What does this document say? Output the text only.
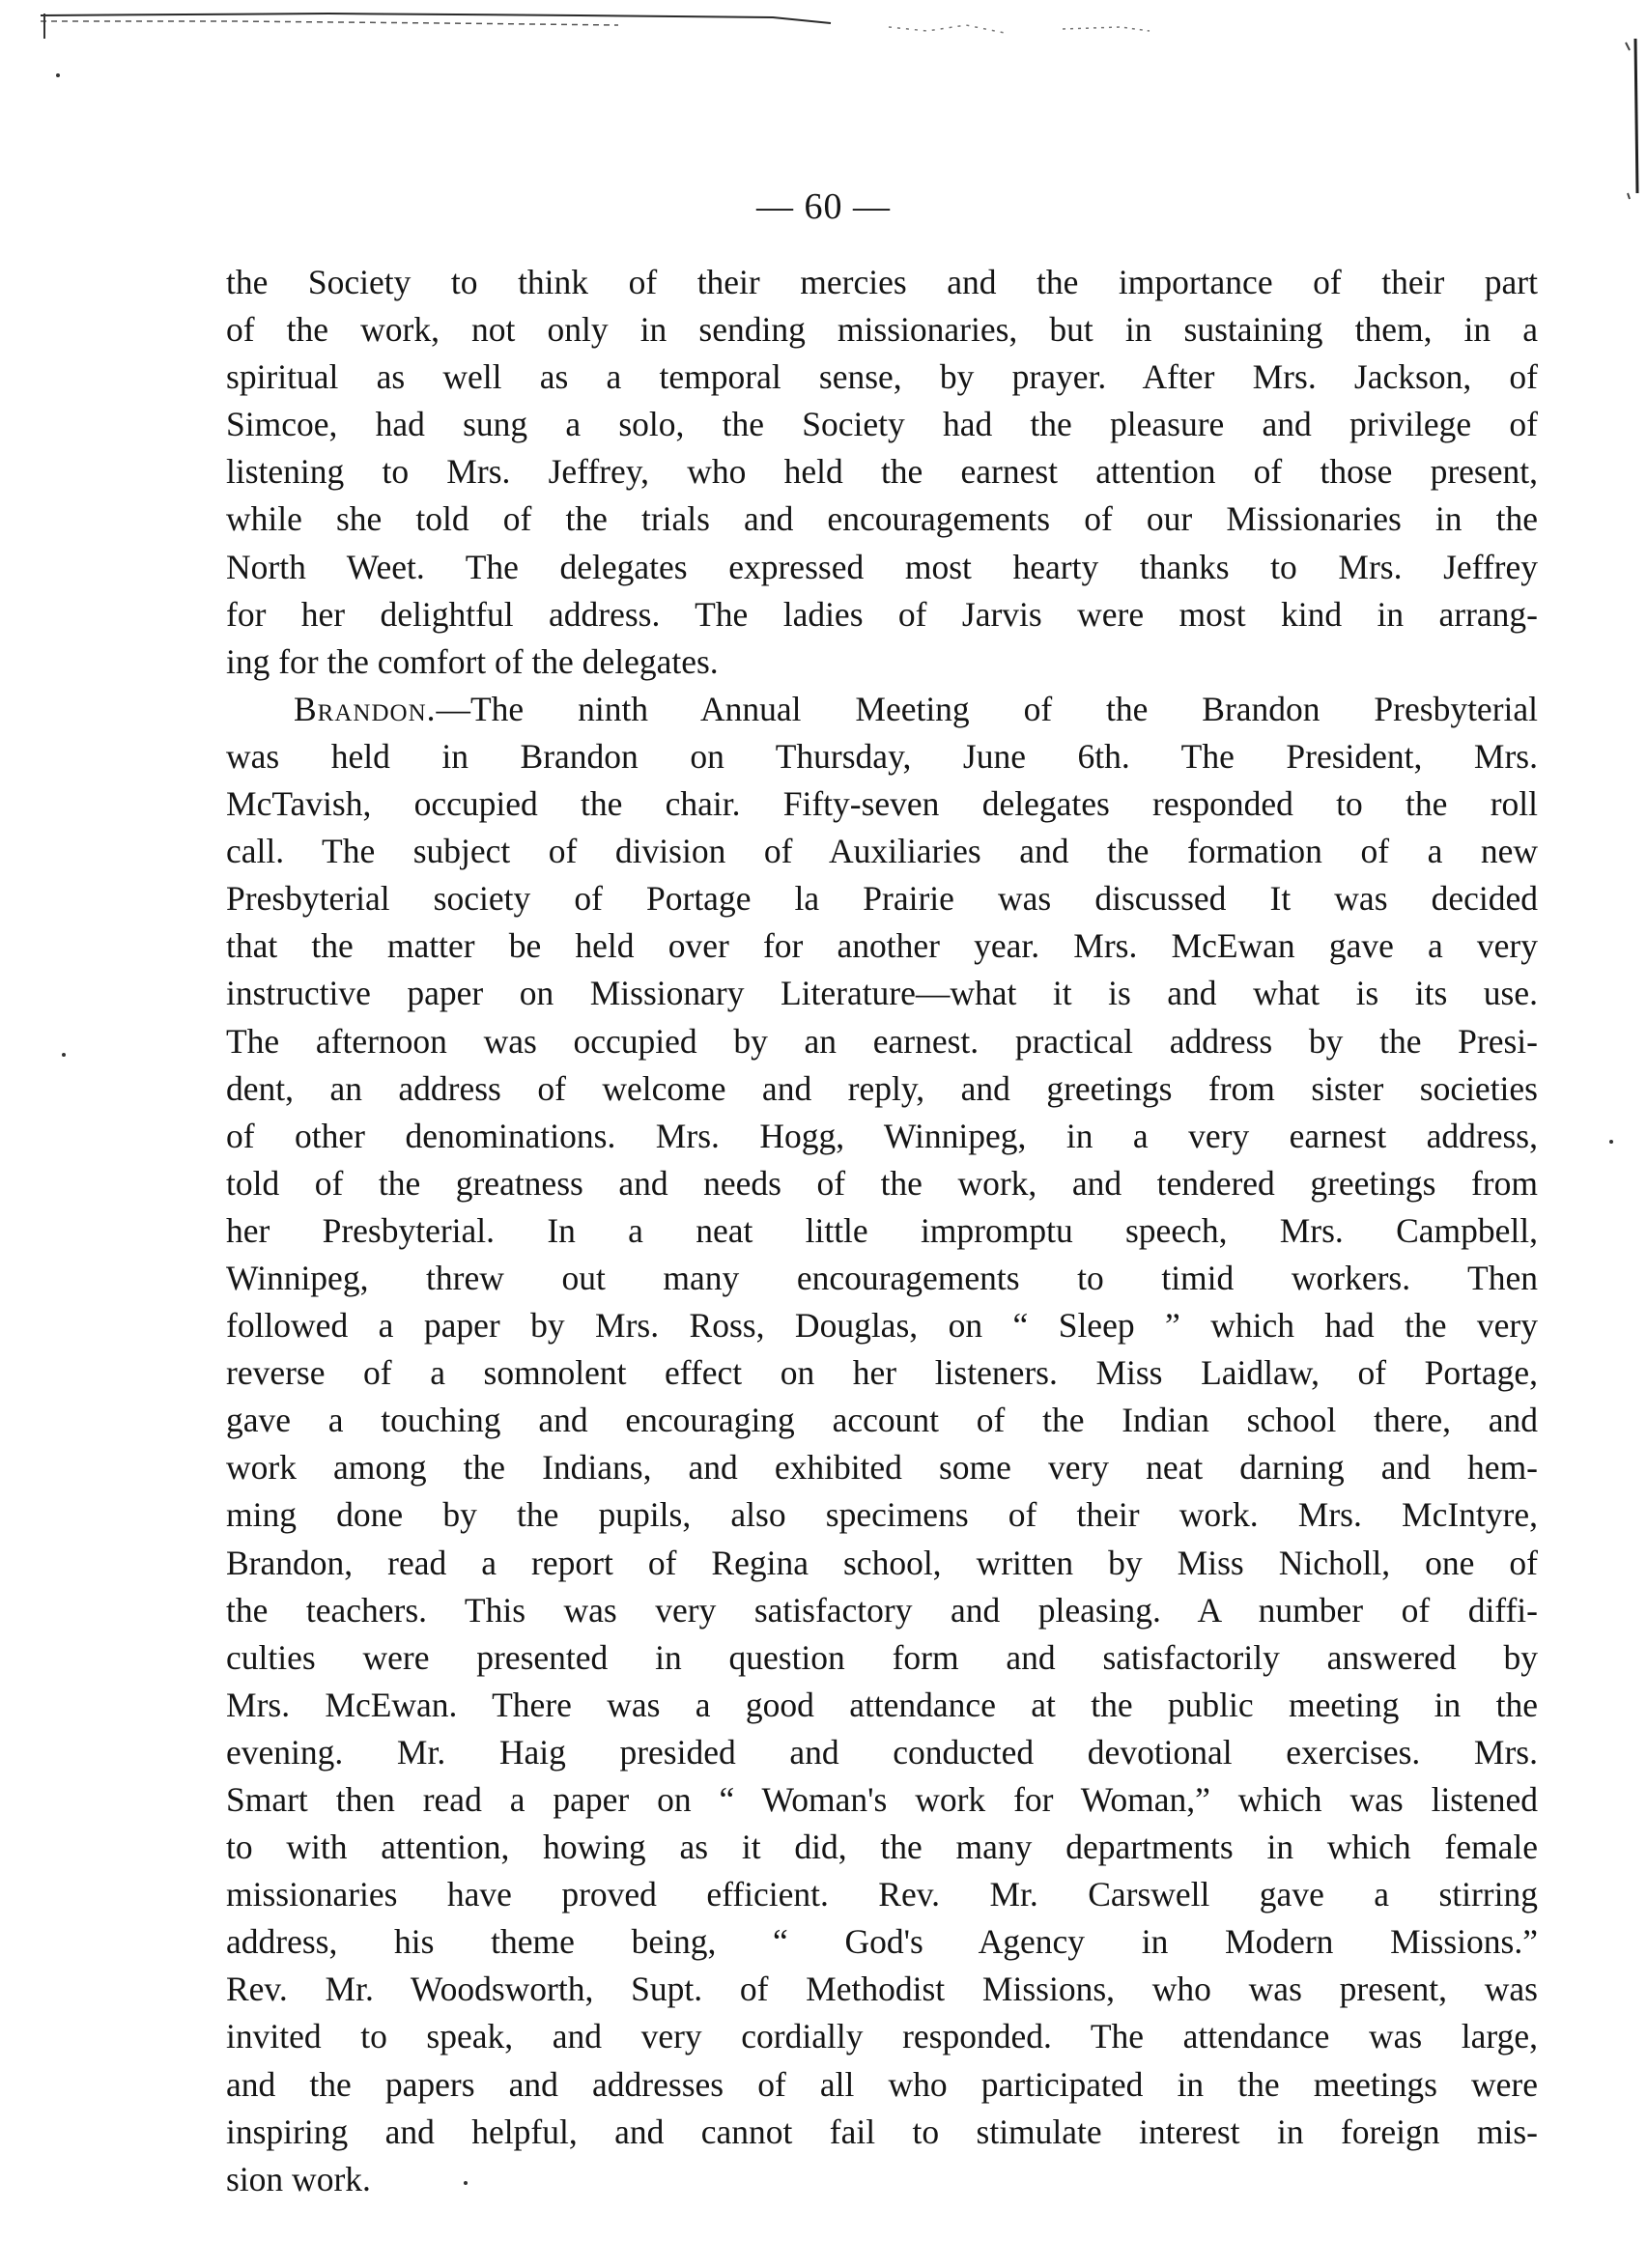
— 60 —
the Society to think of their mercies and the importance of their part
of the work, not only in sending missionaries, but in sustaining them, in a
spiritual as well as a temporal sense, by prayer. After Mrs. Jackson, of
Simcoe, had sung a solo, the Society had the pleasure and privilege of
listening to Mrs. Jeffrey, who held the earnest attention of those present,
while she told of the trials and encouragements of our Missionaries in the
North Weet. The delegates expressed most hearty thanks to Mrs. Jeffrey
for her delightful address. The ladies of Jarvis were most kind in arrang-
ing for the comfort of the delegates.
Brandon.—The ninth Annual Meeting of the Brandon Presbyterial
was held in Brandon on Thursday, June 6th. The President, Mrs.
McTavish, occupied the chair. Fifty-seven delegates responded to the roll
call. The subject of division of Auxiliaries and the formation of a new
Presbyterial society of Portage la Prairie was discussed It was decided
that the matter be held over for another year. Mrs. McEwan gave a very
instructive paper on Missionary Literature—what it is and what is its use.
The afternoon was occupied by an earnest. practical address by the Presi-
dent, an address of welcome and reply, and greetings from sister societies
of other denominations. Mrs. Hogg, Winnipeg, in a very earnest address,
told of the greatness and needs of the work, and tendered greetings from
her Presbyterial. In a neat little impromptu speech, Mrs. Campbell,
Winnipeg, threw out many encouragements to timid workers. Then
followed a paper by Mrs. Ross, Douglas, on “ Sleep ” which had the very
reverse of a somnolent effect on her listeners. Miss Laidlaw, of Portage,
gave a touching and encouraging account of the Indian school there, and
work among the Indians, and exhibited some very neat darning and hem-
ming done by the pupils, also specimens of their work. Mrs. McIntyre,
Brandon, read a report of Regina school, written by Miss Nicholl, one of
the teachers. This was very satisfactory and pleasing. A number of diffi-
culties were presented in question form and satisfactorily answered by
Mrs. McEwan. There was a good attendance at the public meeting in the
evening. Mr. Haig presided and conducted devotional exercises. Mrs.
Smart then read a paper on “ Woman's work for Woman,” which was listened
to with attention, howing as it did, the many departments in which female
missionaries have proved efficient. Rev. Mr. Carswell gave a stirring
address, his theme being, “ God's Agency in Modern Missions.”
Rev. Mr. Woodsworth, Supt. of Methodist Missions, who was present, was
invited to speak, and very cordially responded. The attendance was large,
and the papers and addresses of all who participated in the meetings were
inspiring and helpful, and cannot fail to stimulate interest in foreign mis-
sion work.
